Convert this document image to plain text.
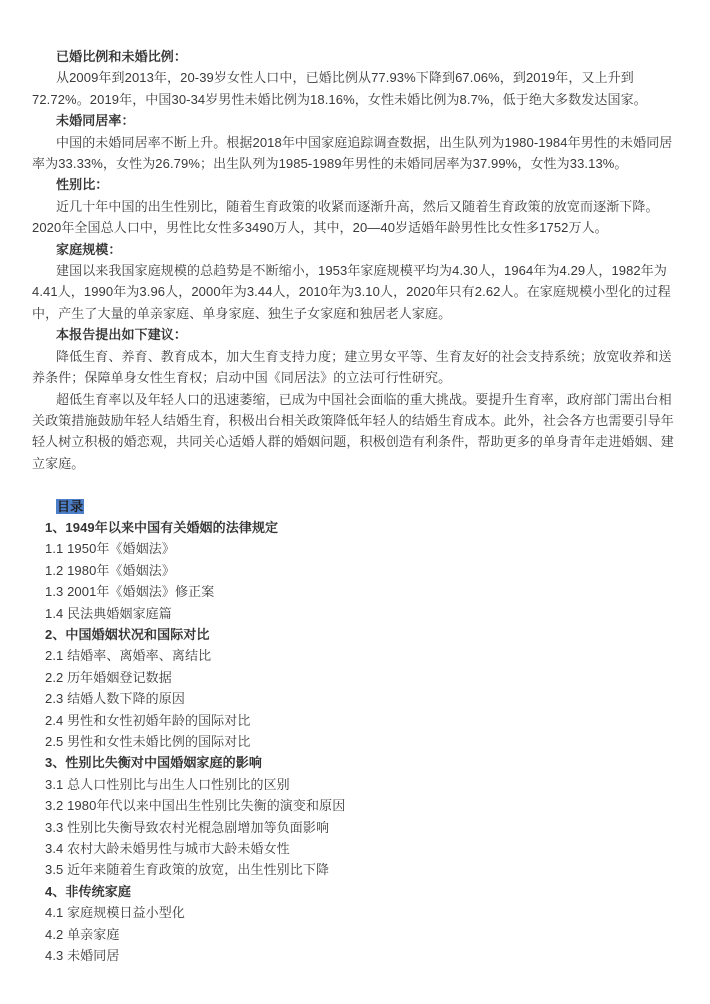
已婚比例和未婚比例：

从2009年到2013年，20-39岁女性人口中，已婚比例从77.93%下降到67.06%，到2019年，又上升到72.72%。2019年，中国30-34岁男性未婚比例为18.16%，女性未婚比例为8.7%，低于绝大多数发达国家。

未婚同居率：

中国的未婚同居率不断上升。根据2018年中国家庭追踪调查数据，出生队列为1980-1984年男性的未婚同居率为33.33%，女性为26.79%；出生队列为1985-1989年男性的未婚同居率为37.99%，女性为33.13%。

性别比：

近几十年中国的出生性别比，随着生育政策的收紧而逐渐升高，然后又随着生育政策的放宽而逐渐下降。2020年全国总人口中，男性比女性多3490万人，其中，20—40岁适婚年龄男性比女性多1752万人。

家庭规模：

建国以来我国家庭规模的总趋势是不断缩小，1953年家庭规模平均为4.30人，1964年为4.29人，1982年为4.41人，1990年为3.96人，2000年为3.44人，2010年为3.10人，2020年只有2.62人。在家庭规模小型化的过程中，产生了大量的单亲家庭、单身家庭、独生子女家庭和独居老人家庭。

本报告提出如下建议：

降低生育、养育、教育成本，加大生育支持力度；建立男女平等、生育友好的社会支持系统；放宽收养和送养条件；保障单身女性生育权；启动中国《同居法》的立法可行性研究。

超低生育率以及年轻人口的迅速萎缩，已成为中国社会面临的重大挑战。要提升生育率，政府部门需出台相关政策措施鼓励年轻人结婚生育，积极出台相关政策降低年轻人的结婚生育成本。此外，社会各方也需要引导年轻人树立积极的婚恋观，共同关心适婚人群的婚姻问题，积极创造有利条件，帮助更多的单身青年走进婚姻、建立家庭。

目录

1、1949年以来中国有关婚姻的法律规定

1.1 1950年《婚姻法》

1.2 1980年《婚姻法》

1.3 2001年《婚姻法》修正案

1.4 民法典婚姻家庭篇

2、中国婚姻状况和国际对比

2.1 结婚率、离婚率、离结比

2.2 历年婚姻登记数据

2.3 结婚人数下降的原因

2.4 男性和女性初婚年龄的国际对比

2.5 男性和女性未婚比例的国际对比

3、性别比失衡对中国婚姻家庭的影响

3.1 总人口性别比与出生人口性别比的区别

3.2 1980年代以来中国出生性别比失衡的演变和原因

3.3 性别比失衡导致农村光棍急剧增加等负面影响

3.4 农村大龄未婚男性与城市大龄未婚女性

3.5 近年来随着生育政策的放宽，出生性别比下降

4、非传统家庭

4.1 家庭规模日益小型化

4.2 单亲家庭

4.3 未婚同居
